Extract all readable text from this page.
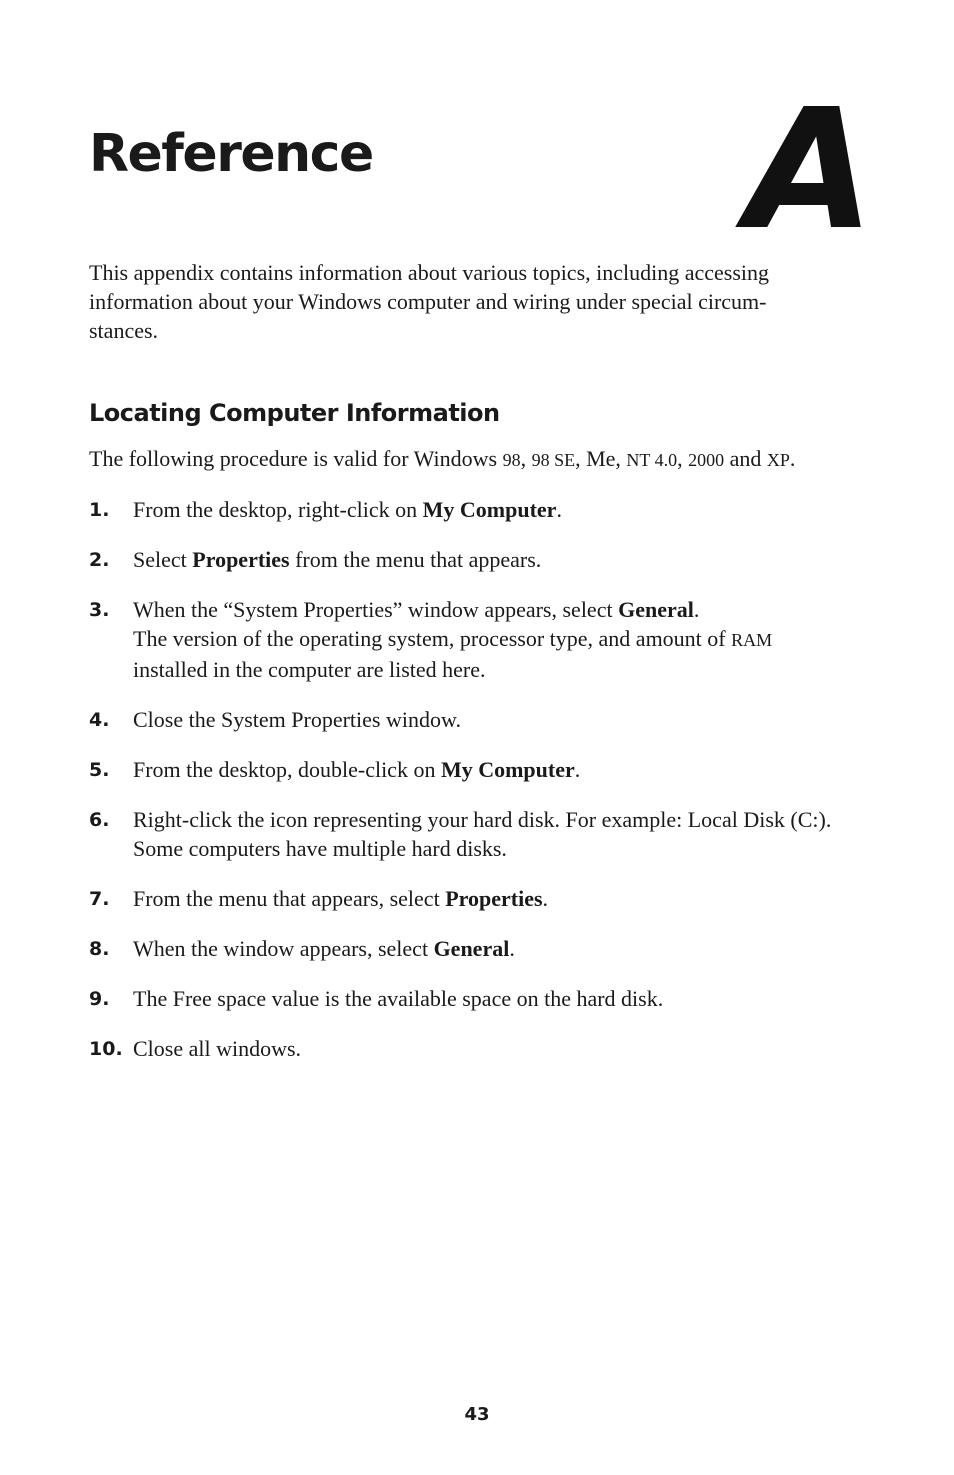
Reference A

This appendix contains information about various topics, including accessing
information about your Windows computer and wiring under special circum-
stances.

Locating Computer Information

The following procedure is valid for Windows 98, 98 SE, Me, NT 4.0, 2000 and XP.

1. From the desktop, right-click on My Computer.
2. Select Properties from the menu that appears.
3. When the “System Properties” window appears, select General.
The version of the operating system, processor type, and amount of RAM
installed in the computer are listed here.
4. Close the System Properties window.
5. From the desktop, double-click on My Computer.
6. Right-click the icon representing your hard disk. For example: Local Disk (C:).
Some computers have multiple hard disks.
7. From the menu that appears, select Properties.
8. When the window appears, select General.
9. The Free space value is the available space on the hard disk.
10. Close all windows.
43
